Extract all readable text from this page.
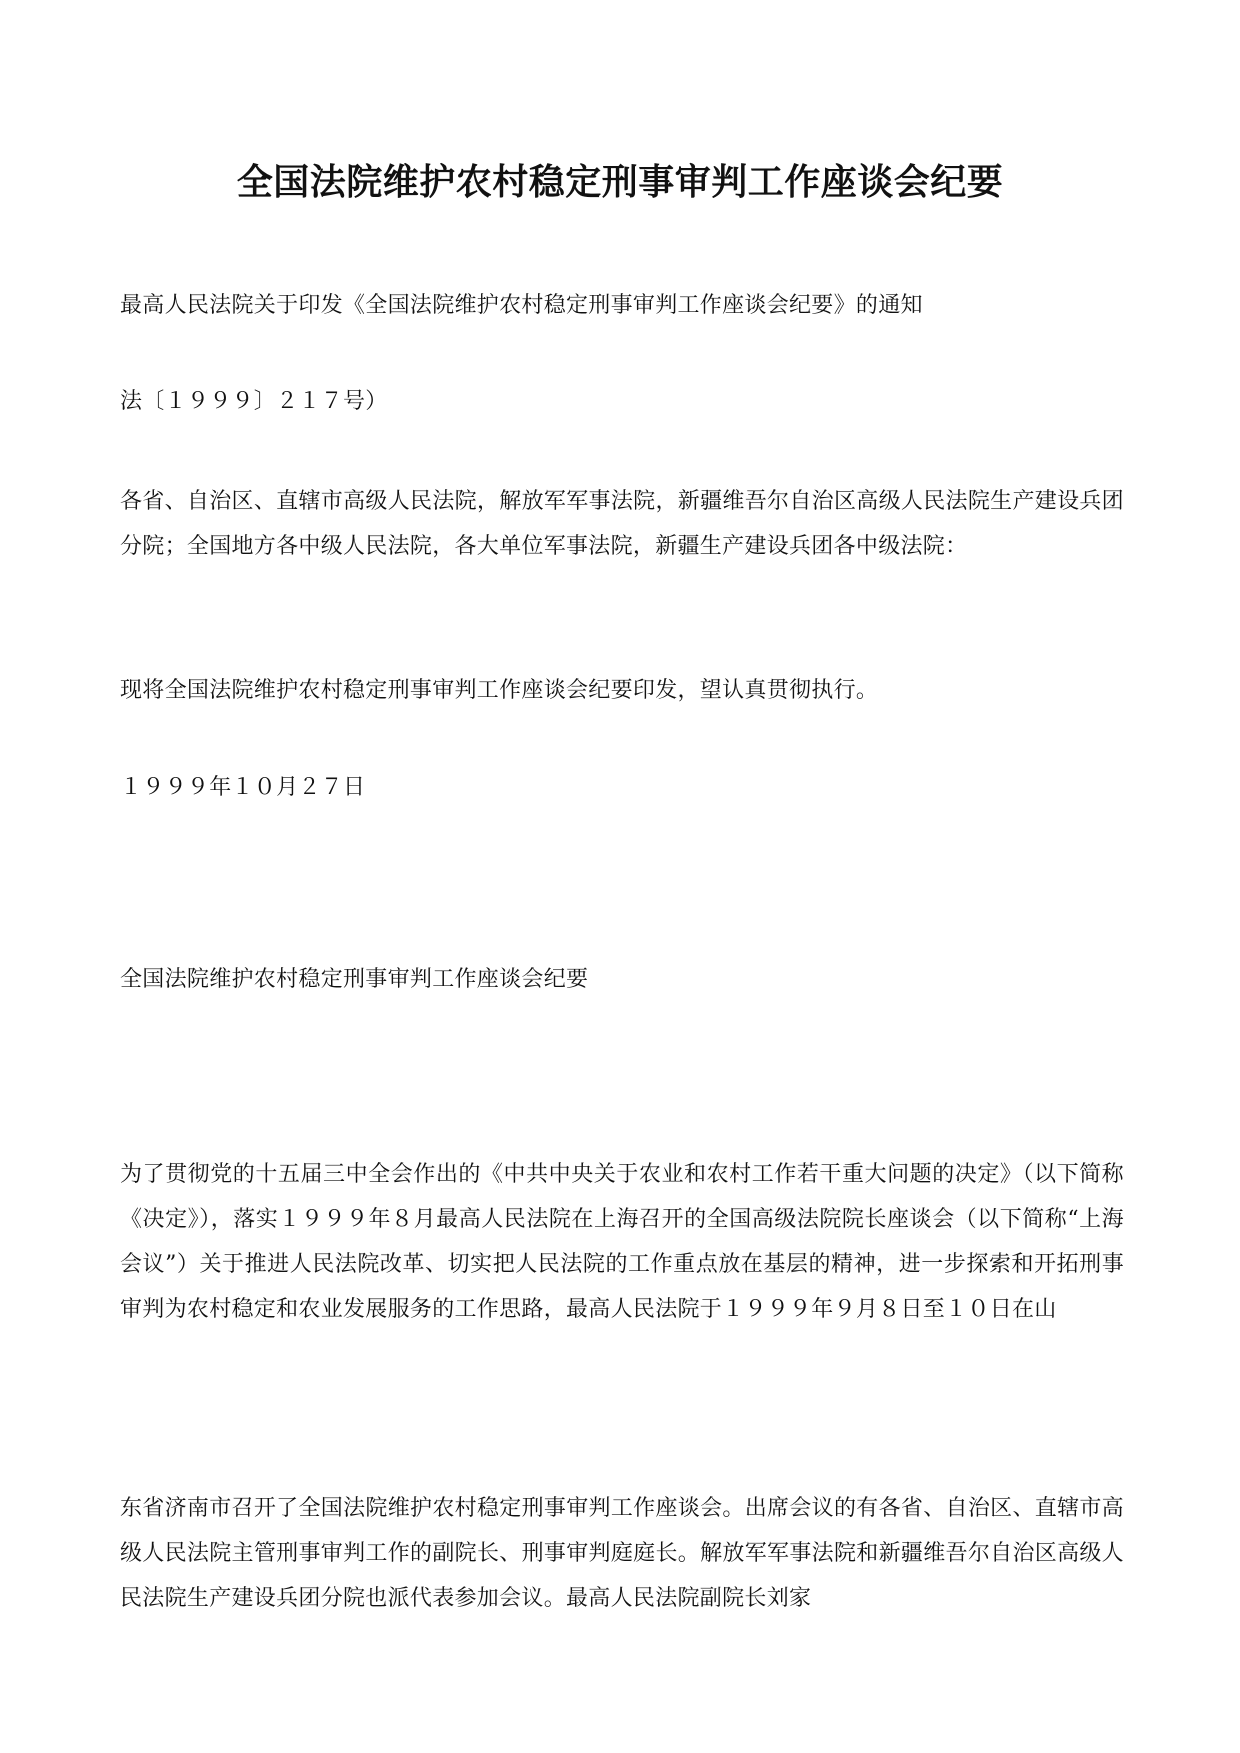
全国法院维护农村稳定刑事审判工作座谈会纪要
最高人民法院关于印发《全国法院维护农村稳定刑事审判工作座谈会纪要》的通知
法〔１９９９〕２１７号）
各省、自治区、直辖市高级人民法院，解放军军事法院，新疆维吾尔自治区高级人民法院生产建设兵团分院；全国地方各中级人民法院，各大单位军事法院，新疆生产建设兵团各中级法院：
现将全国法院维护农村稳定刑事审判工作座谈会纪要印发，望认真贯彻执行。
１９９９年１０月２７日
全国法院维护农村稳定刑事审判工作座谈会纪要
为了贯彻党的十五届三中全会作出的《中共中央关于农业和农村工作若干重大问题的决定》（以下简称《决定》），落实１９９９年８月最高人民法院在上海召开的全国高级法院院长座谈会（以下简称“上海会议”）关于推进人民法院改革、切实把人民法院的工作重点放在基层的精神，进一步探索和开拓刑事审判为农村稳定和农业发展服务的工作思路，最高人民法院于１９９９年９月８日至１０日在山
东省济南市召开了全国法院维护农村稳定刑事审判工作座谈会。出席会议的有各省、自治区、直辖市高级人民法院主管刑事审判工作的副院长、刑事审判庭庭长。解放军军事法院和新疆维吾尔自治区高级人民法院生产建设兵团分院也派代表参加会议。最高人民法院副院长刘家
